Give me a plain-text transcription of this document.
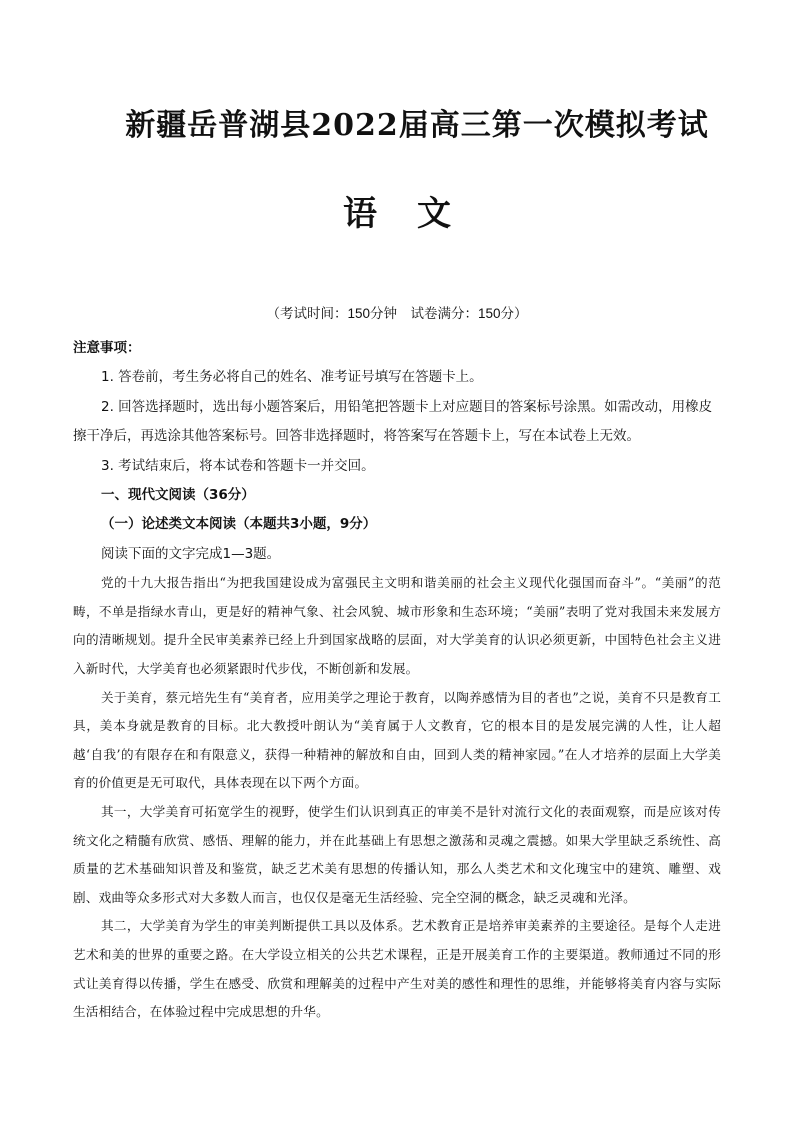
新疆岳普湖县2022届高三第一次模拟考试
语文
（考试时间：150分钟　试卷满分：150分）

注意事项：

1. 答卷前，考生务必将自己的姓名、准考证号填写在答题卡上。

2. 回答选择题时，选出每小题答案后，用铅笔把答题卡上对应题目的答案标号涂黑。如需改动，用橡皮擦干净后，再选涂其他答案标号。回答非选择题时，将答案写在答题卡上，写在本试卷上无效。

3. 考试结束后，将本试卷和答题卡一并交回。

一、现代文阅读（36分）

（一）论述类文本阅读（本题共3小题，9分）

阅读下面的文字完成1—3题。

党的十九大报告指出“为把我国建设成为富强民主文明和谐美丽的社会主义现代化强国而奋斗”。“美丽”的范畴，不单是指绿水青山，更是好的精神气象、社会风貌、城市形象和生态环境；“美丽”表明了党对我国未来发展方向的清晰规划。提升全民审美素养已经上升到国家战略的层面，对大学美育的认识必须更新，中国特色社会主义进入新时代，大学美育也必须紧跟时代步伐，不断创新和发展。

关于美育，蔡元培先生有“美育者，应用美学之理论于教育，以陶养感情为目的者也”之说，美育不只是教育工具，美本身就是教育的目标。北大教授叶朗认为“美育属于人文教育，它的根本目的是发展完满的人性，让人超越‘自我’的有限存在和有限意义，获得一种精神的解放和自由，回到人类的精神家园。”在人才培养的层面上大学美育的价值更是无可取代，具体表现在以下两个方面。

其一，大学美育可拓宽学生的视野，使学生们认识到真正的审美不是针对流行文化的表面观察，而是应该对传统文化之精髓有欣赏、感悟、理解的能力，并在此基础上有思想之激荡和灵魂之震撼。如果大学里缺乏系统性、高质量的艺术基础知识普及和鉴赏，缺乏艺术美有思想的传播认知，那么人类艺术和文化瑰宝中的建筑、雕塑、戏剧、戏曲等众多形式对大多数人而言，也仅仅是毫无生活经验、完全空洞的概念，缺乏灵魂和光泽。

其二，大学美育为学生的审美判断提供工具以及体系。艺术教育正是培养审美素养的主要途径。是每个人走进艺术和美的世界的重要之路。在大学设立相关的公共艺术课程，正是开展美育工作的主要渠道。教师通过不同的形式让美育得以传播，学生在感受、欣赏和理解美的过程中产生对美的感性和理性的思维，并能够将美育内容与实际生活相结合，在体验过程中完成思想的升华。
